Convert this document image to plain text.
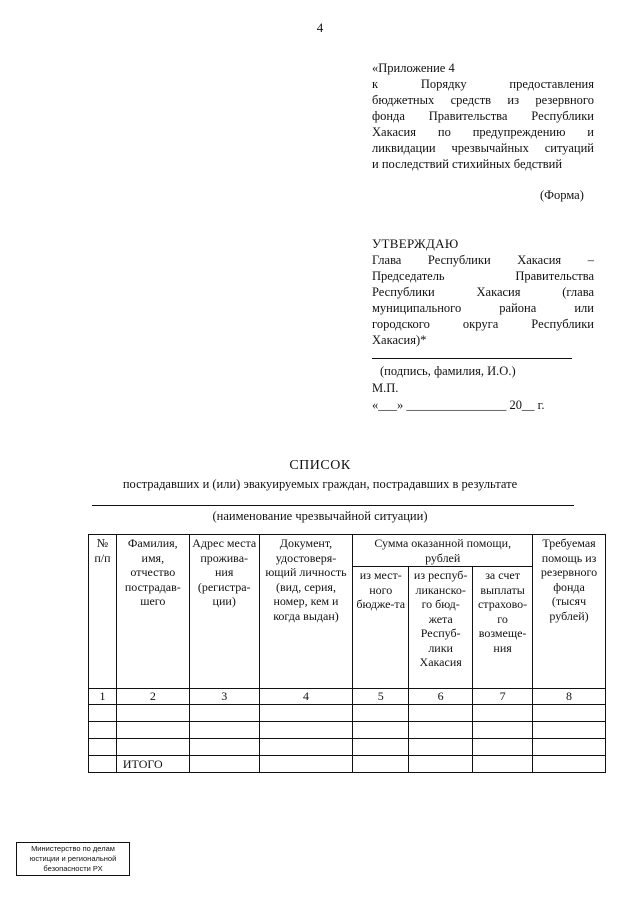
4
«Приложение 4
к Порядку предоставления
бюджетных средств из резервного
фонда Правительства Республики
Хакасия по предупреждению и
ликвидации чрезвычайных ситуаций
и последствий стихийных бедствий
(Форма)
УТВЕРЖДАЮ
Глава Республики Хакасия –
Председатель Правительства
Республики Хакасия (глава
муниципального района или
городского округа Республики
Хакасия)*
(подпись, фамилия, И.О.)
М.П.
«___» ________________ 20__ г.
СПИСОК
пострадавших и (или) эвакуируемых граждан, пострадавших в результате
(наименование чрезвычайной ситуации)
№ п/п	Фамилия, имя, отчество пострадав-шего	Адрес места прожива-ния (регистра-ции)	Документ, удостоверя-ющий личность (вид, серия, номер, кем и когда выдан)	Сумма оказанной помощи, рублей			Требуемая помощь из резервного фонда (тысяч рублей)
				из мест-ного бюдже-та	из респуб-ликанско-го бюд-жета Респуб-лики Хакасия	за счет выплаты страхово-го возмеще-ния	
1	2	3	4	5	6	7	8

	ИТОГО						
Министерство по делам
юстиции и региональной
безопасности РХ
